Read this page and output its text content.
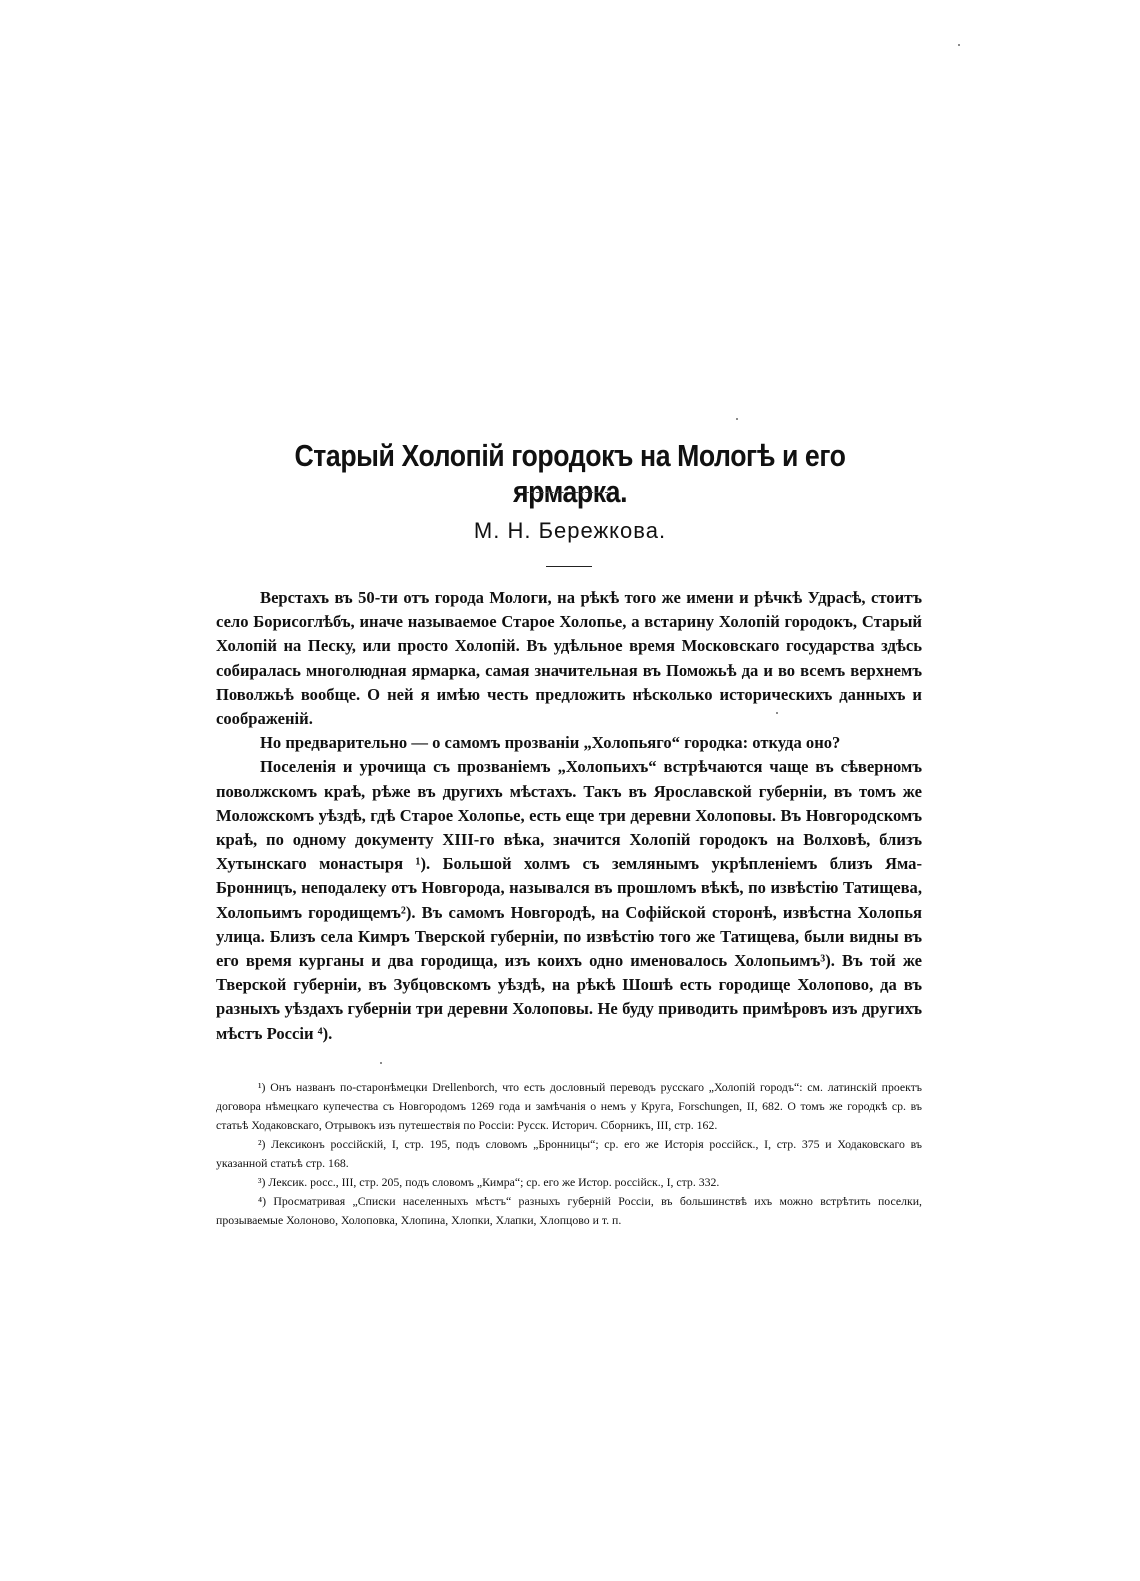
Старый Холопій городокъ на Мологѣ и его ярмарка.
М. Н. Бережкова.

Верстахъ въ 50-ти отъ города Мологи, на рѣкѣ того же имени и рѣчкѣ Удрасѣ, стоитъ село Борисоглѣбъ, иначе называемое Старое Холопье, а встарину Холопій городокъ, Старый Холопій на Песку, или просто Холопій. Въ удѣльное время Московскаго государства здѣсь собиралась многолюдная ярмарка, самая значительная въ Поможьѣ да и во всемъ верхнемъ Поволжьѣ вообще. О ней я имѣю честь предложить нѣсколько историческихъ данныхъ и соображеній.

Но предварительно — о самомъ прозваніи „Холопьяго“ городка: откуда оно?

Поселенія и урочища съ прозваніемъ „Холопьихъ“ встрѣчаются чаще въ сѣверномъ поволжскомъ краѣ, рѣже въ другихъ мѣстахъ. Такъ въ Ярославской губерніи, въ томъ же Моложскомъ уѣздѣ, гдѣ Старое Холопье, есть еще три деревни Холоповы. Въ Новгородскомъ краѣ, по одному документу XIII-го вѣка, значится Холопій городокъ на Волховѣ, близъ Хутынскаго монастыря ¹). Большой холмъ съ землянымъ укрѣпленіемъ близъ Яма-Бронницъ, неподалеку отъ Новгорода, назывался въ прошломъ вѣкѣ, по извѣстію Татищева, Холопьимъ городищемъ²). Въ самомъ Новгородѣ, на Софійской сторонѣ, извѣстна Холопья улица. Близъ села Кимръ Тверской губерніи, по извѣстію того же Татищева, были видны въ его время курганы и два городища, изъ коихъ одно именовалось Холопьимъ³). Въ той же Тверской губерніи, въ Зубцовскомъ уѣздѣ, на рѣкѣ Шошѣ есть городище Холопово, да въ разныхъ уѣздахъ губерніи три деревни Холоповы. Не буду приводить примѣровъ изъ другихъ мѣстъ Россіи ⁴).

¹) Онъ названъ по-старонѣмецки Drellenborch, что есть дословный переводъ русскаго „Холопій городъ“: см. латинскій проектъ договора нѣмецкаго купечества съ Новгородомъ 1269 года и замѣчанія о немъ у Круга, Forschungen, II, 682. О томъ же городкѣ ср. въ статьѣ Ходаковскаго, Отрывокъ изъ путешествія по Россіи: Русск. Историч. Сборникъ, III, стр. 162.

²) Лексиконъ россійскій, I, стр. 195, подъ словомъ „Бронницы“; ср. его же Исторія россійск., I, стр. 375 и Ходаковскаго въ указанной статьѣ стр. 168.

³) Лексик. росс., III, стр. 205, подъ словомъ „Кимра“; ср. его же Истор. россійск., I, стр. 332.

⁴) Просматривая „Списки населенныхъ мѣстъ“ разныхъ губерній Россіи, въ большинствѣ ихъ можно встрѣтить поселки, прозываемые Холоново, Холоповка, Хлопина, Хлопки, Хлапки, Хлопцово и т. п.
